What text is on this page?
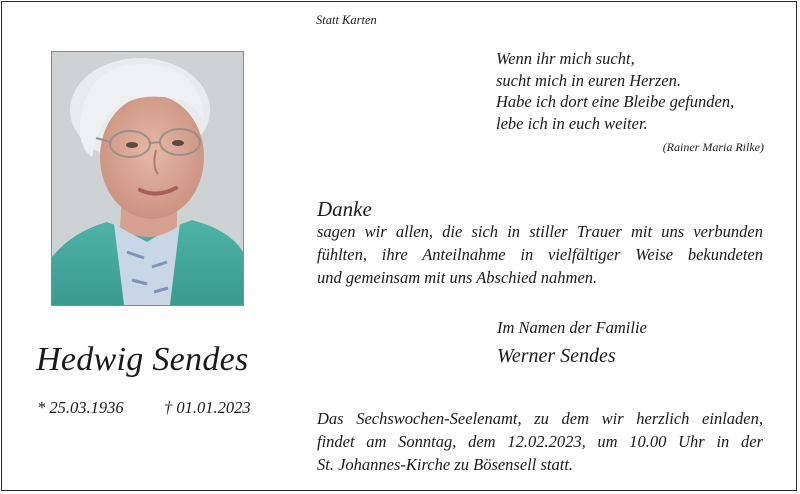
Statt Karten
Wenn ihr mich sucht,
sucht mich in euren Herzen.
Habe ich dort eine Bleibe gefunden,
lebe ich in euch weiter.
(Rainer Maria Rilke)
Danke
sagen wir allen, die sich in stiller Trauer mit uns verbunden
fühlten, ihre Anteilnahme in vielfältiger Weise bekundeten
und gemeinsam mit uns Abschied nahmen.
Im Namen der Familie
Werner Sendes
Hedwig Sendes
* 25.03.1936 † 01.01.2023
Das Sechswochen-Seelenamt, zu dem wir herzlich einladen,
findet am Sonntag, dem 12.02.2023, um 10.00 Uhr in der
St. Johannes-Kirche zu Bösensell statt.
